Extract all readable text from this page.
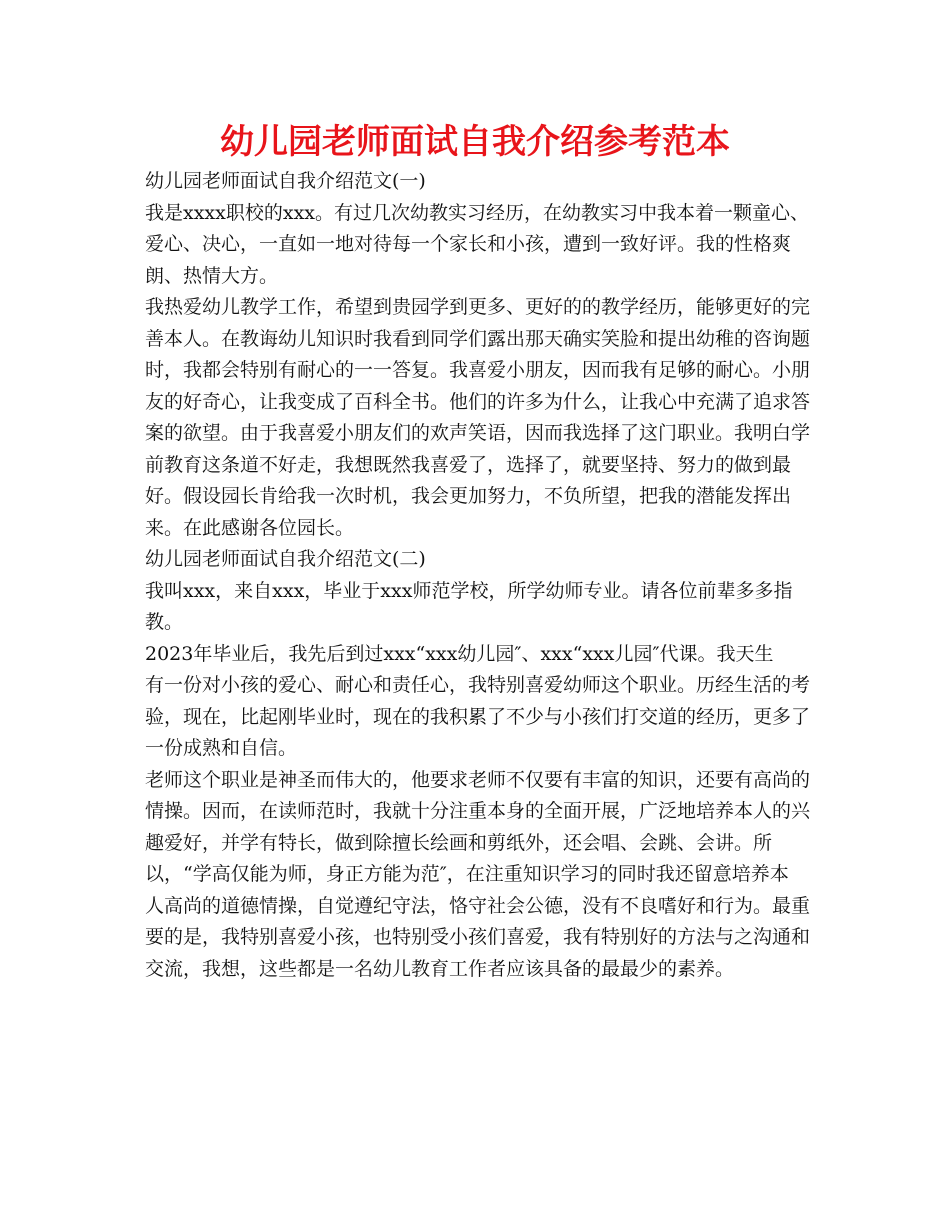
幼儿园老师面试自我介绍参考范本
幼儿园老师面试自我介绍范文(一)
我是xxxx职校的xxx。有过几次幼教实习经历，在幼教实习中我本着一颗童心、
爱心、决心，一直如一地对待每一个家长和小孩，遭到一致好评。我的性格爽
朗、热情大方。
我热爱幼儿教学工作，希望到贵园学到更多、更好的的教学经历，能够更好的完
善本人。在教诲幼儿知识时我看到同学们露出那天确实笑脸和提出幼稚的咨询题
时，我都会特别有耐心的一一答复。我喜爱小朋友，因而我有足够的耐心。小朋
友的好奇心，让我变成了百科全书。他们的许多为什么，让我心中充满了追求答
案的欲望。由于我喜爱小朋友们的欢声笑语，因而我选择了这门职业。我明白学
前教育这条道不好走，我想既然我喜爱了，选择了，就要坚持、努力的做到最
好。假设园长肯给我一次时机，我会更加努力，不负所望，把我的潜能发挥出
来。在此感谢各位园长。
幼儿园老师面试自我介绍范文(二)
我叫xxx，来自xxx，毕业于xxx师范学校，所学幼师专业。请各位前辈多多指
教。
2023年毕业后，我先后到过xxx“xxx幼儿园″、xxx“xxx儿园″代课。我天生
有一份对小孩的爱心、耐心和责任心，我特别喜爱幼师这个职业。历经生活的考
验，现在，比起刚毕业时，现在的我积累了不少与小孩们打交道的经历，更多了
一份成熟和自信。
老师这个职业是神圣而伟大的，他要求老师不仅要有丰富的知识，还要有高尚的
情操。因而，在读师范时，我就十分注重本身的全面开展，广泛地培养本人的兴
趣爱好，并学有特长，做到除擅长绘画和剪纸外，还会唱、会跳、会讲。所
以，“学高仅能为师，身正方能为范″，在注重知识学习的同时我还留意培养本
人高尚的道德情操，自觉遵纪守法，恪守社会公德，没有不良嗜好和行为。最重
要的是，我特别喜爱小孩，也特别受小孩们喜爱，我有特别好的方法与之沟通和
交流，我想，这些都是一名幼儿教育工作者应该具备的最最少的素养。
